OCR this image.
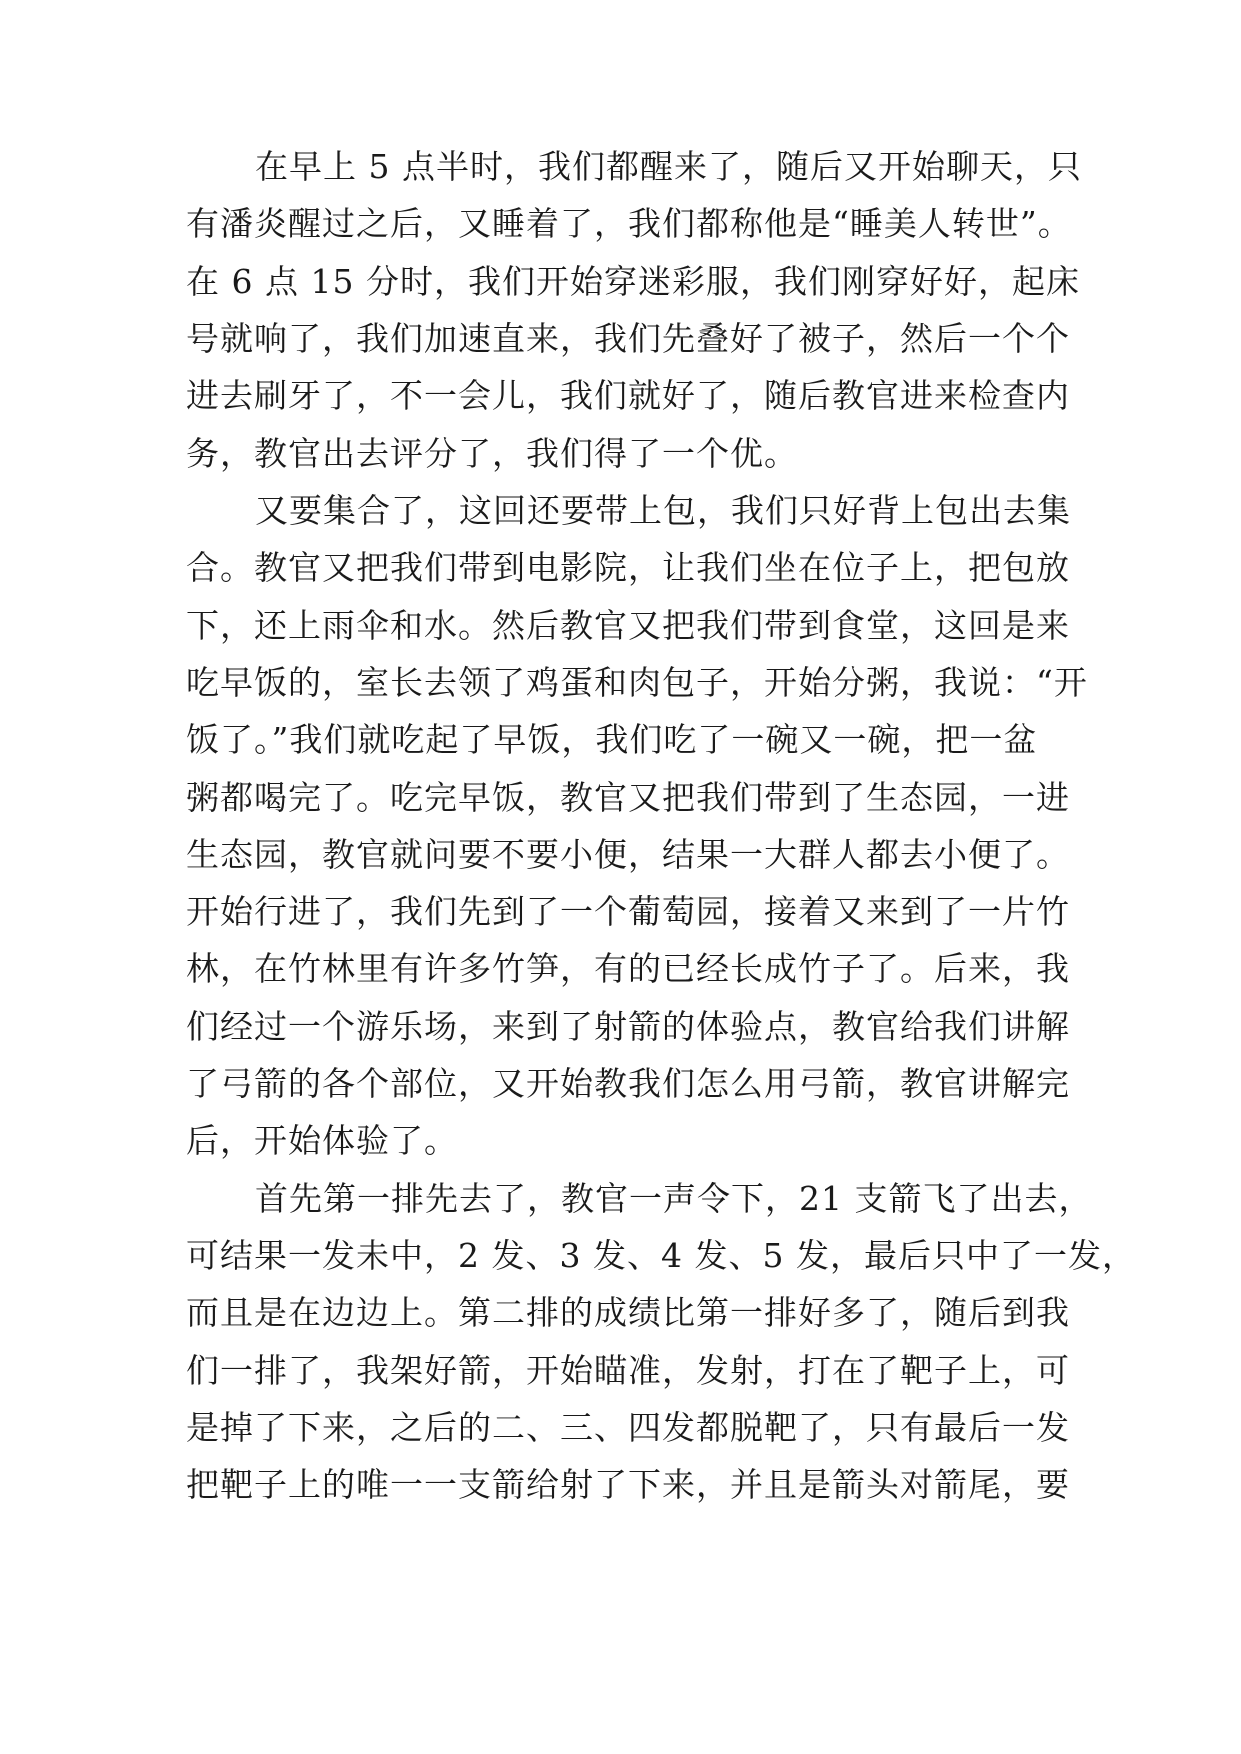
在早上 5 点半时，我们都醒来了，随后又开始聊天，只
有潘炎醒过之后，又睡着了，我们都称他是“睡美人转世”。
在 6 点 15 分时，我们开始穿迷彩服，我们刚穿好好，起床
号就响了，我们加速直来，我们先叠好了被子，然后一个个
进去刷牙了，不一会儿，我们就好了，随后教官进来检查内
务，教官出去评分了，我们得了一个优。
又要集合了，这回还要带上包，我们只好背上包出去集
合。教官又把我们带到电影院，让我们坐在位子上，把包放
下，还上雨伞和水。然后教官又把我们带到食堂，这回是来
吃早饭的，室长去领了鸡蛋和肉包子，开始分粥，我说：“开
饭了。”我们就吃起了早饭，我们吃了一碗又一碗，把一盆
粥都喝完了。吃完早饭，教官又把我们带到了生态园，一进
生态园，教官就问要不要小便，结果一大群人都去小便了。
开始行进了，我们先到了一个葡萄园，接着又来到了一片竹
林，在竹林里有许多竹笋，有的已经长成竹子了。后来，我
们经过一个游乐场，来到了射箭的体验点，教官给我们讲解
了弓箭的各个部位，又开始教我们怎么用弓箭，教官讲解完
后，开始体验了。
首先第一排先去了，教官一声令下，21 支箭飞了出去，
可结果一发未中，2 发、3 发、4 发、5 发，最后只中了一发，
而且是在边边上。第二排的成绩比第一排好多了，随后到我
们一排了，我架好箭，开始瞄准，发射，打在了靶子上，可
是掉了下来，之后的二、三、四发都脱靶了，只有最后一发
把靶子上的唯一一支箭给射了下来，并且是箭头对箭尾，要
